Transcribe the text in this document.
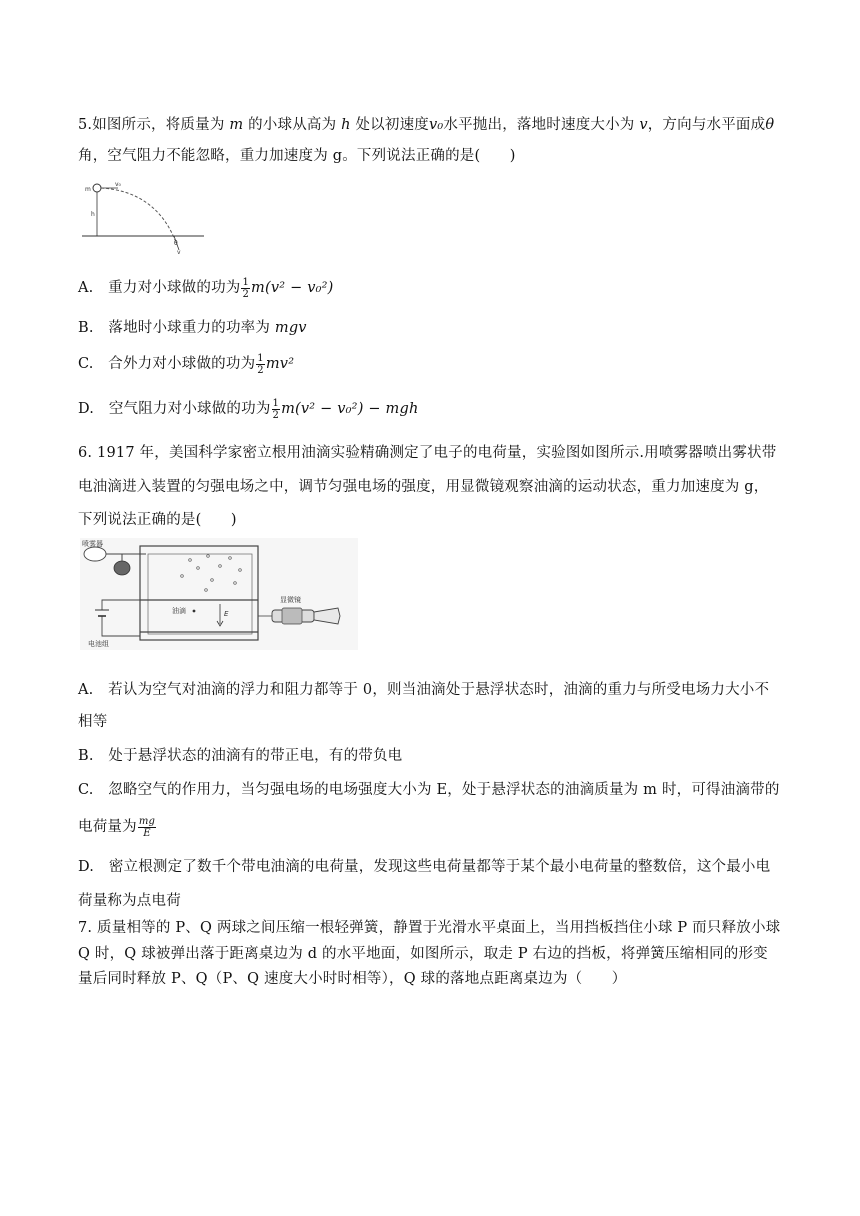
5.如图所示，将质量为 m 的小球从高为 h 处以初速度v₀水平抛出，落地时速度大小为 v，方向与水平面成θ
角，空气阻力不能忽略，重力加速度为 g。下列说法正确的是(　　)
m
v₀
h
θ
v
A.　重力对小球做的功为 $\frac{1}{2} m(v^2 - v_0^2)$
B.　落地时小球重力的功率为 mgv
C.　合外力对小球做的功为 $\frac{1}{2} mv^2$
D.　空气阻力对小球做的功为 $\frac{1}{2} m(v^2 - v_0^2)$ − mgh
6. 1917 年，美国科学家密立根用油滴实验精确测定了电子的电荷量，实验图如图所示.用喷雾器喷出雾状带
电油滴进入装置的匀强电场之中，调节匀强电场的强度，用显微镜观察油滴的运动状态，重力加速度为 g，
下列说法正确的是(　　)
喷雾器
油滴	E
电池组
显微镜
A.　若认为空气对油滴的浮力和阻力都等于 0，则当油滴处于悬浮状态时，油滴的重力与所受电场力大小不
相等
B.　处于悬浮状态的油滴有的带正电，有的带负电
C.　忽略空气的作用力，当匀强电场的电场强度大小为 E，处于悬浮状态的油滴质量为 m 时，可得油滴带的
电荷量为 $\frac{mg}{E}$
D.　密立根测定了数千个带电油滴的电荷量，发现这些电荷量都等于某个最小电荷量的整数倍，这个最小电
荷量称为点电荷
7. 质量相等的 P、Q 两球之间压缩一根轻弹簧，静置于光滑水平桌面上，当用挡板挡住小球 P 而只释放小球
Q 时，Q 球被弹出落于距离桌边为 d 的水平地面，如图所示，取走 P 右边的挡板，将弹簧压缩相同的形变
量后同时释放 P、Q（P、Q 速度大小时时相等），Q 球的落地点距离桌边为（　　）
